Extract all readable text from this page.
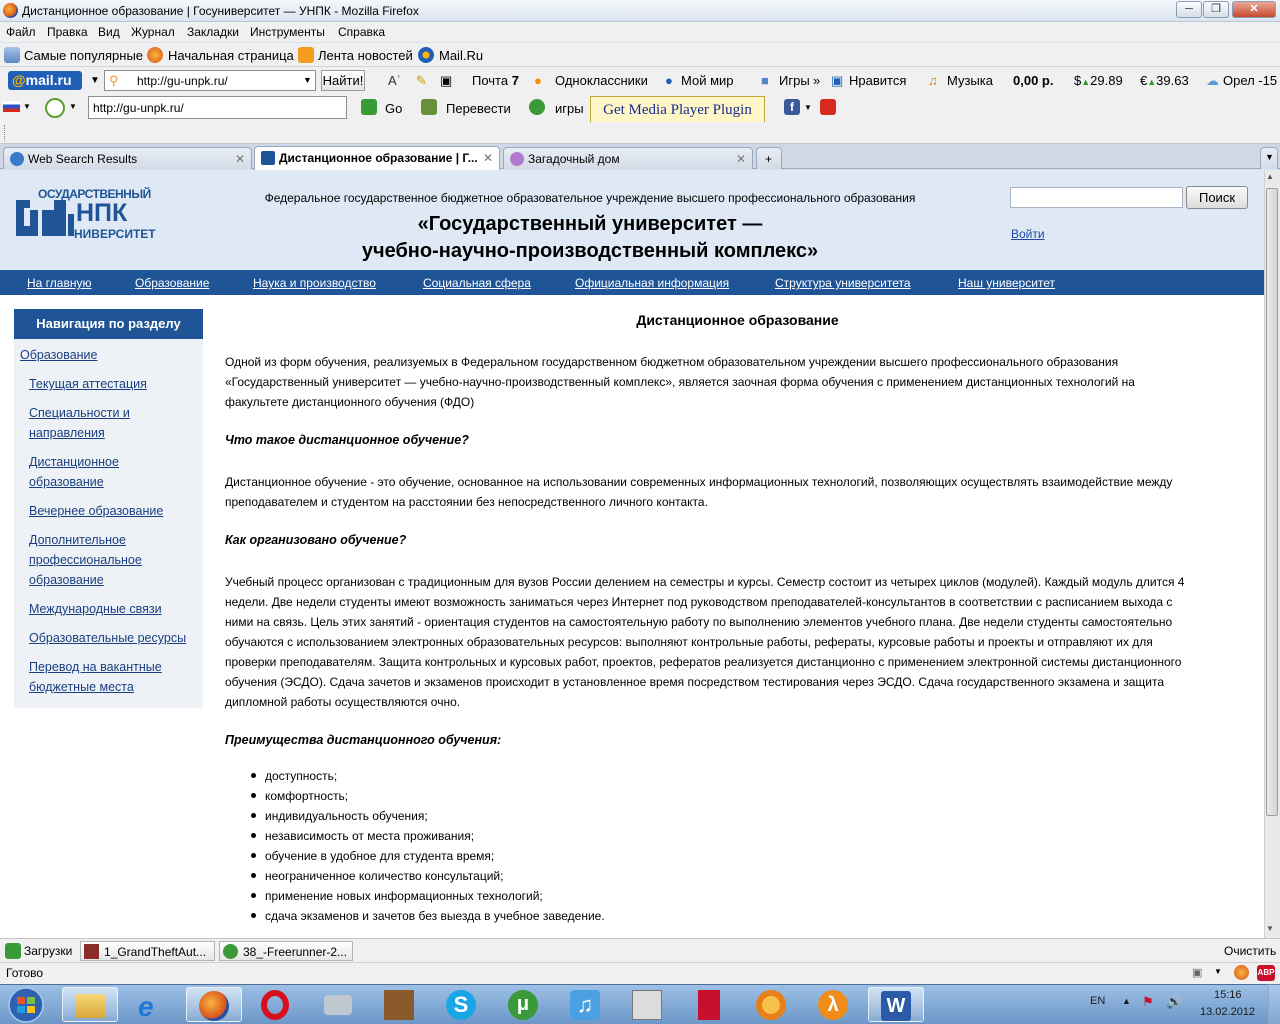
Дистанционное образование | Госуниверситет — УНПК - Mozilla Firefox	─	❐	✕
Файл Правка Вид Журнал Закладки Инструменты Справка
Самые популярные Начальная страница Лента новостей Mail.Ru
▼	●
Aʿ ✎ ▣ Почта 7	Одноклассники ● Мой мир ■ Игры » ▣ Нравится ♫ Музыка 0,00 р. $▲29.89 €▲39.63 ☁ Орел -15
@mail.ru	⚲ http://gu-unpk.ru/	▼ Найти!
▼	▼	Go	Перевести	игры	f	▼
http://gu-unpk.ru/	Get Media Player Plugin
Web Search Results	✕	Дистанционное образование | Г... ✕	Загадочный дом	✕	+	▼
ОСУДАРСТВЕННЫЙ
НПК
НИВЕРСИТЕТ
Федеральное государственное бюджетное образовательное учреждение высшего профессионального образования
«Государственный университет —
учебно-научно-производственный комплекс»
Поиск
Войти
На главную	Образование	Наука и производство	Социальная сфера	Официальная информация	Структура университета	Наш университет
Навигация по разделу
Образование
Текущая аттестация
Специальности и
направления
Дистанционное
образование
Вечернее образование
Дополнительное
профессиональное
образование
Международные связи
Образовательные ресурсы
Перевод на вакантные
бюджетные места
Дистанционное образование
Одной из форм обучения, реализуемых в Федеральном государственном бюджетном образовательном учреждении высшего профессионального образования
«Государственный университет — учебно-научно-производственный комплекс», является заочная форма обучения с применением дистанционных технологий на
факультете дистанционного обучения (ФДО)
Что такое дистанционное обучение?
Дистанционное обучение - это обучение, основанное на использовании современных информационных технологий, позволяющих осуществлять взаимодействие между
преподавателем и студентом на расстоянии без непосредственного личного контакта.
Как организовано обучение?
Учебный процесс организован с традиционным для вузов России делением на семестры и курсы. Семестр состоит из четырех циклов (модулей). Каждый модуль длится 4
недели. Две недели студенты имеют возможность заниматься через Интернет под руководством преподавателей-консультантов в соответствии с расписанием выхода с
ними на связь. Цель этих занятий - ориентация студентов на самостоятельную работу по выполнению элементов учебного плана. Две недели студенты самостоятельно
обучаются с использованием электронных образовательных ресурсов: выполняют контрольные работы, рефераты, курсовые работы и проекты и отправляют их для
проверки преподавателям. Защита контрольных и курсовых работ, проектов, рефератов реализуется дистанционно с применением электронной системы дистанционного
обучения (ЭСДО). Сдача зачетов и экзаменов происходит в установленное время посредством тестирования через ЭСДО. Сдача государственного экзамена и защита
дипломной работы осуществляются очно.
Преимущества дистанционного обучения:
доступность;
комфортность;
индивидуальность обучения;
независимость от места проживания;
обучение в удобное для студента время;
неограниченное количество консультаций;
применение новых информационных технологий;
сдача экзаменов и зачетов без выезда в учебное заведение.
▲
▼
Загрузки	1_GrandTheftAut...	38_-Freerunner-2...	Очистить
Готово	▣ ▼	ABP
e	S	μ	♫	λ	W	EN ▲ ⚑ 🔊	15:16
13.02.2012
